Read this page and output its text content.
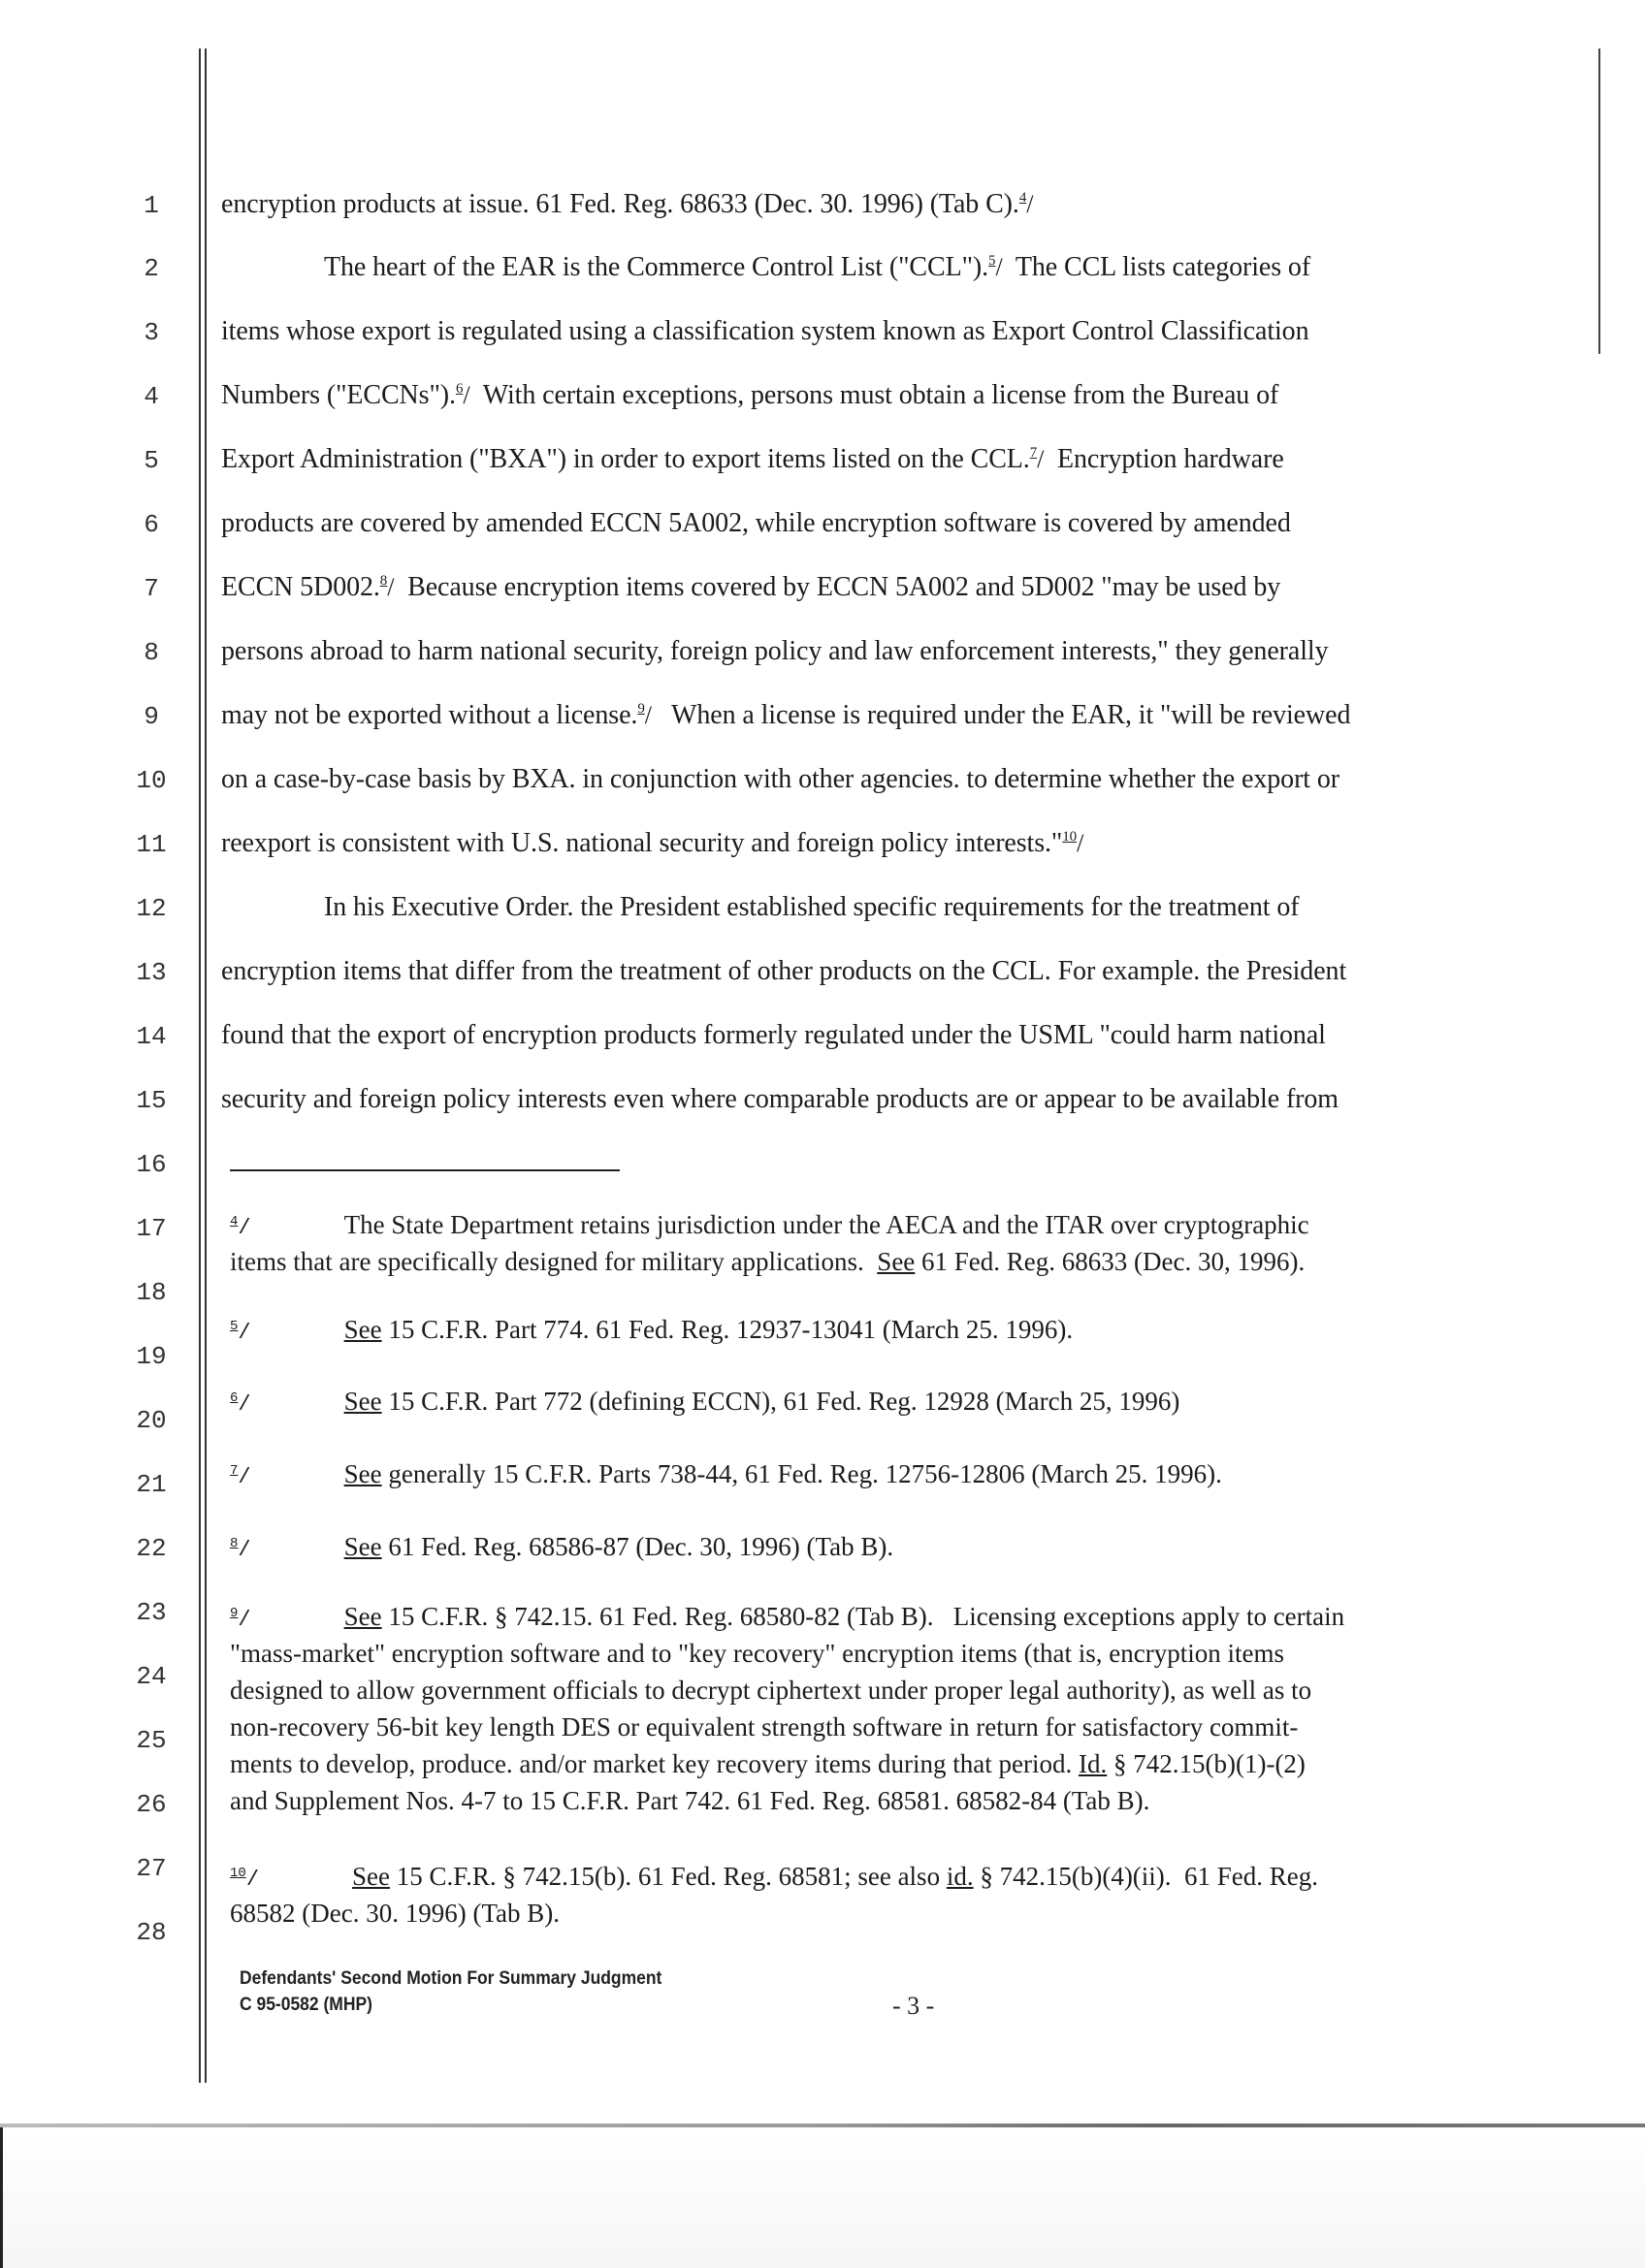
1
2
3
4
5
6
7
8
9
10
11
12
13
14
15
16
17
18
19
20
21
22
23
24
25
26
27
28
encryption products at issue. 61 Fed. Reg. 68633 (Dec. 30. 1996) (Tab C).$^4$/
The heart of the EAR is the Commerce Control List ("CCL").$^5$/  The CCL lists categories of
items whose export is regulated using a classification system known as Export Control Classification
Numbers ("ECCNs").$^6$/  With certain exceptions, persons must obtain a license from the Bureau of
Export Administration ("BXA") in order to export items listed on the CCL.$^7$/  Encryption hardware
products are covered by amended ECCN 5A002, while encryption software is covered by amended
ECCN 5D002.$^8$/  Because encryption items covered by ECCN 5A002 and 5D002 "may be used by
persons abroad to harm national security, foreign policy and law enforcement interests," they generally
may not be exported without a license.$^9$/   When a license is required under the EAR, it "will be reviewed
on a case-by-case basis by BXA. in conjunction with other agencies. to determine whether the export or
reexport is consistent with U.S. national security and foreign policy interests."$^{10}$/
In his Executive Order. the President established specific requirements for the treatment of
encryption items that differ from the treatment of other products on the CCL. For example. the President
found that the export of encryption products formerly regulated under the USML "could harm national
security and foreign policy interests even where comparable products are or appear to be available from
$^4$/	The State Department retains jurisdiction under the AECA and the ITAR over cryptographic
items that are specifically designed for military applications.  See 61 Fed. Reg. 68633 (Dec. 30, 1996).
$^5$/	See 15 C.F.R. Part 774. 61 Fed. Reg. 12937-13041 (March 25. 1996).
$^6$/	See 15 C.F.R. Part 772 (defining ECCN), 61 Fed. Reg. 12928 (March 25, 1996)
$^7$/	See generally 15 C.F.R. Parts 738-44, 61 Fed. Reg. 12756-12806 (March 25. 1996).
$^8$/	See 61 Fed. Reg. 68586-87 (Dec. 30, 1996) (Tab B).
$^9$/	See 15 C.F.R. § 742.15. 61 Fed. Reg. 68580-82 (Tab B).   Licensing exceptions apply to certain
"mass-market" encryption software and to "key recovery" encryption items (that is, encryption items
designed to allow government officials to decrypt ciphertext under proper legal authority), as well as to
non-recovery 56-bit key length DES or equivalent strength software in return for satisfactory commit-
ments to develop, produce. and/or market key recovery items during that period. Id. § 742.15(b)(1)-(2)
and Supplement Nos. 4-7 to 15 C.F.R. Part 742. 61 Fed. Reg. 68581. 68582-84 (Tab B).
$^{10}$/	See 15 C.F.R. § 742.15(b). 61 Fed. Reg. 68581; see also id. § 742.15(b)(4)(ii).  61 Fed. Reg.
68582 (Dec. 30. 1996) (Tab B).
Defendants' Second Motion For Summary Judgment
C 95-0582 (MHP)	- 3 -
